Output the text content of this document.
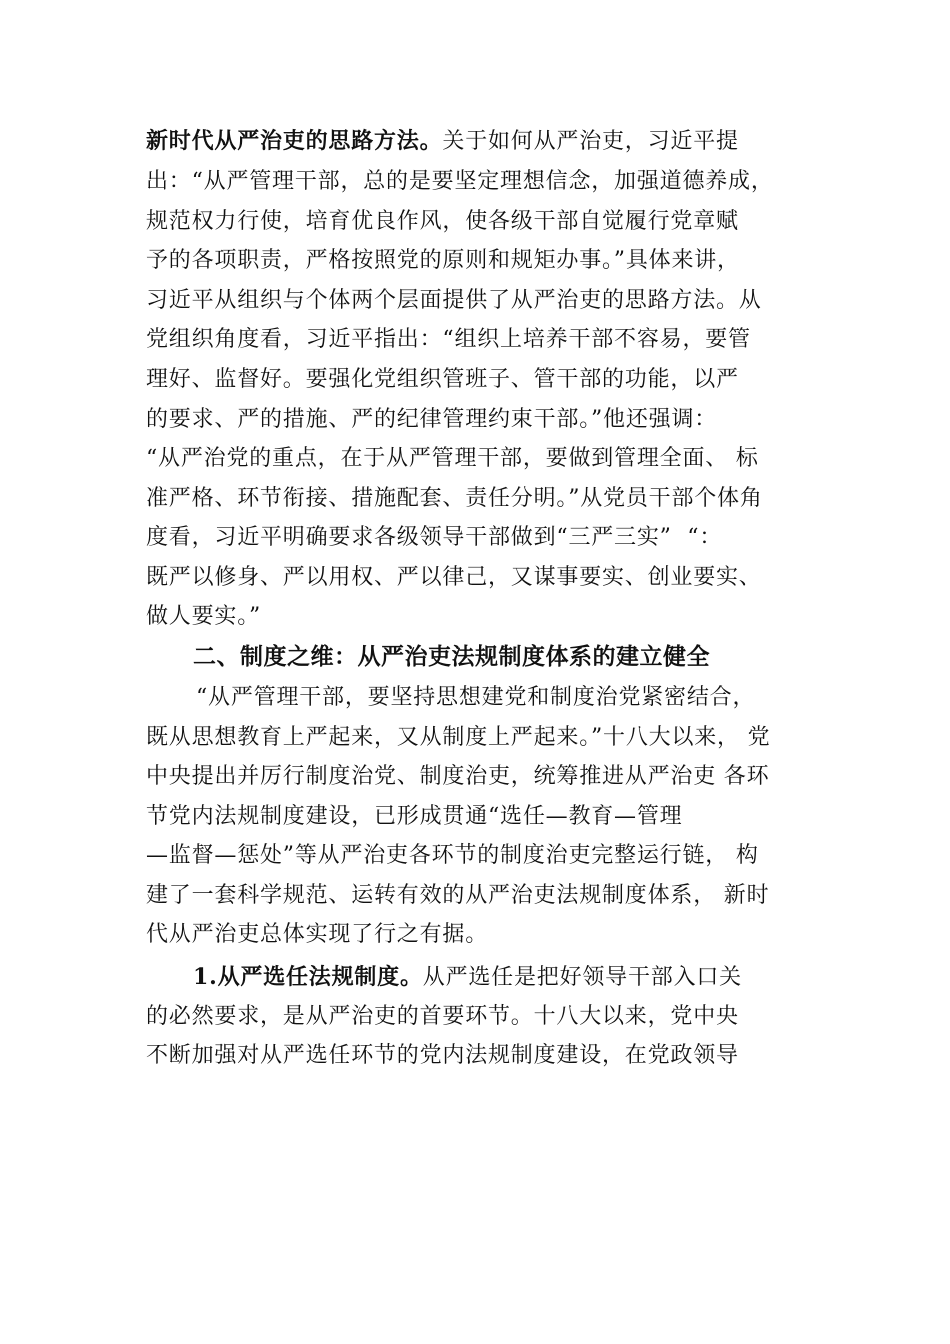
新时代从严治吏的思路方法。关于如何从严治吏，习近平提
出：“从严管理干部，总的是要坚定理想信念，加强道德养成，
规范权力行使，培育优良作风，使各级干部自觉履行党章赋
予的各项职责，严格按照党的原则和规矩办事。”具体来讲，
习近平从组织与个体两个层面提供了从严治吏的思路方法。从
党组织角度看，习近平指出：“组织上培养干部不容易，要管
理好、监督好。要强化党组织管班子、管干部的功能，以严
的要求、严的措施、严的纪律管理约束干部。”他还强调：
“从严治党的重点，在于从严管理干部，要做到管理全面、 标
准严格、环节衔接、措施配套、责任分明。”从党员干部个体角
度看，习近平明确要求各级领导干部做到“三严三实”  “：
既严以修身、严以用权、严以律己，又谋事要实、创业要实、
做人要实。”
二、制度之维：从严治吏法规制度体系的建立健全
“从严管理干部，要坚持思想建党和制度治党紧密结合，
既从思想教育上严起来，又从制度上严起来。”十八大以来， 党
中央提出并厉行制度治党、制度治吏，统筹推进从严治吏 各环
节党内法规制度建设，已形成贯通“选任—教育—管理
—监督—惩处”等从严治吏各环节的制度治吏完整运行链， 构
建了一套科学规范、运转有效的从严治吏法规制度体系， 新时
代从严治吏总体实现了行之有据。
1.从严选任法规制度。从严选任是把好领导干部入口关
的必然要求，是从严治吏的首要环节。十八大以来，党中央
不断加强对从严选任环节的党内法规制度建设，在党政领导
